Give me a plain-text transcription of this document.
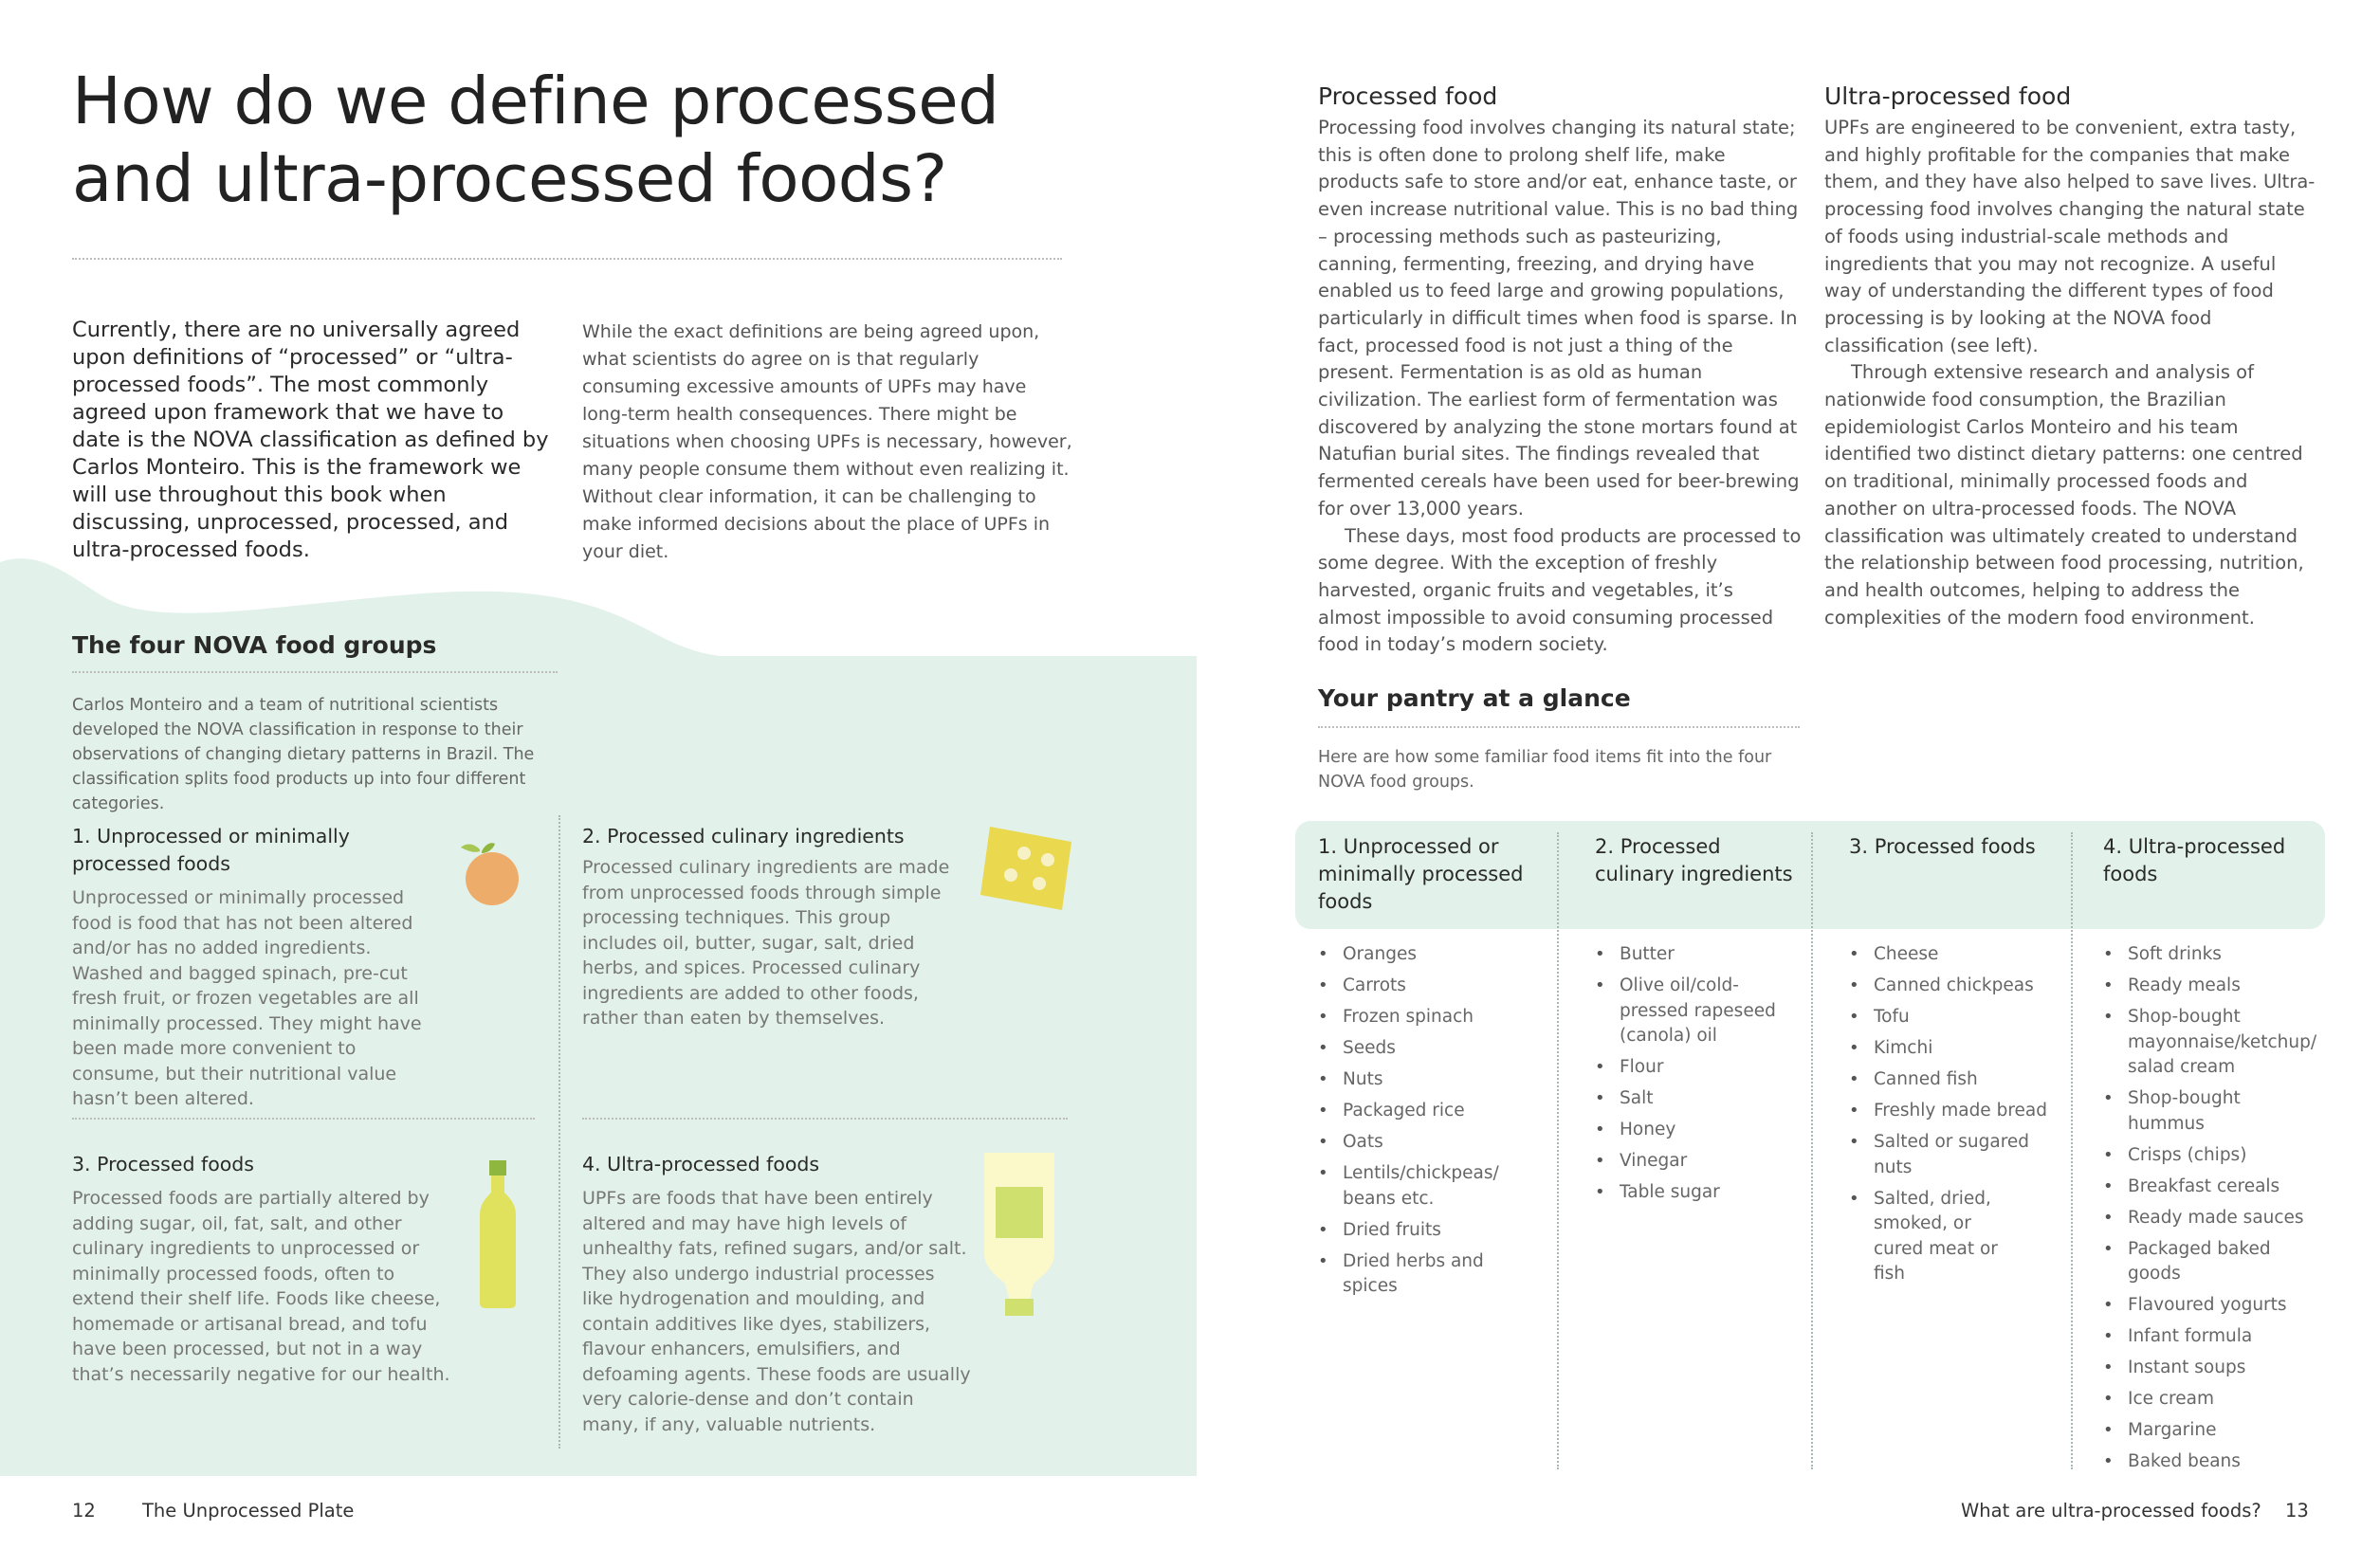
How do we define processed and ultra-processed foods?
Currently, there are no universally agreed upon definitions of “processed” or “ultra-processed foods”. The most commonly agreed upon framework that we have to date is the NOVA classification as defined by Carlos Monteiro. This is the framework we will use throughout this book when discussing, unprocessed, processed, and ultra-processed foods.
While the exact definitions are being agreed upon, what scientists do agree on is that regularly consuming excessive amounts of UPFs may have long-term health consequences. There might be situations when choosing UPFs is necessary, however, many people consume them without even realizing it. Without clear information, it can be challenging to make informed decisions about the place of UPFs in your diet.
The four NOVA food groups
Carlos Monteiro and a team of nutritional scientists developed the NOVA classification in response to their observations of changing dietary patterns in Brazil. The classification splits food products up into four different categories.
1. Unprocessed or minimally processed foods
Unprocessed or minimally processed food is food that has not been altered and/or has no added ingredients. Washed and bagged spinach, pre-cut fresh fruit, or frozen vegetables are all minimally processed. They might have been made more convenient to consume, but their nutritional value hasn’t been altered.
2. Processed culinary ingredients
Processed culinary ingredients are made from unprocessed foods through simple processing techniques. This group includes oil, butter, sugar, salt, dried herbs, and spices. Processed culinary ingredients are added to other foods, rather than eaten by themselves.
3. Processed foods
Processed foods are partially altered by adding sugar, oil, fat, salt, and other culinary ingredients to unprocessed or minimally processed foods, often to extend their shelf life. Foods like cheese, homemade or artisanal bread, and tofu have been processed, but not in a way that’s necessarily negative for our health.
4. Ultra-processed foods
UPFs are foods that have been entirely altered and may have high levels of unhealthy fats, refined sugars, and/or salt. They also undergo industrial processes like hydrogenation and moulding, and contain additives like dyes, stabilizers, flavour enhancers, emulsifiers, and defoaming agents. These foods are usually very calorie-dense and don’t contain many, if any, valuable nutrients.
12	The Unprocessed Plate
Processed food

Processing food involves changing its natural state; this is often done to prolong shelf life, make products safe to store and/or eat, enhance taste, or even increase nutritional value. This is no bad thing – processing methods such as pasteurizing, canning, fermenting, freezing, and drying have enabled us to feed large and growing populations, particularly in difficult times when food is sparse. In fact, processed food is not just a thing of the present. Fermentation is as old as human civilization. The earliest form of fermentation was discovered by analyzing the stone mortars found at Natufian burial sites. The findings revealed that fermented cereals have been used for beer-brewing for over 13,000 years.

These days, most food products are processed to some degree. With the exception of freshly harvested, organic fruits and vegetables, it’s almost impossible to avoid consuming processed food in today’s modern society.

Ultra-processed food

UPFs are engineered to be convenient, extra tasty, and highly profitable for the companies that make them, and they have also helped to save lives. Ultra-processing food involves changing the natural state of foods using industrial-scale methods and ingredients that you may not recognize. A useful way of understanding the different types of food processing is by looking at the NOVA food classification (see left).

Through extensive research and analysis of nationwide food consumption, the Brazilian epidemiologist Carlos Monteiro and his team identified two distinct dietary patterns: one centred on traditional, minimally processed foods and another on ultra-processed foods. The NOVA classification was ultimately created to understand the relationship between food processing, nutrition, and health outcomes, helping to address the complexities of the modern food environment.

Your pantry at a glance
Here are how some familiar food items fit into the four NOVA food groups.
1. Unprocessed or minimally processed foods
• Oranges
• Carrots
• Frozen spinach
• Seeds
• Nuts
• Packaged rice
• Oats
• Lentils/chickpeas/ beans etc.
• Dried fruits
• Dried herbs and spices
2. Processed culinary ingredients
• Butter
• Olive oil/cold-pressed rapeseed (canola) oil
• Flour
• Salt
• Honey
• Vinegar
• Table sugar
3. Processed foods
• Cheese
• Canned chickpeas
• Tofu
• Kimchi
• Canned fish
• Freshly made bread
• Salted or sugared nuts
• Salted, dried, smoked, or cured meat or fish
4. Ultra-processed foods
• Soft drinks
• Ready meals
• Shop-bought mayonnaise/ketchup/ salad cream
• Shop-bought hummus
• Crisps (chips)
• Breakfast cereals
• Ready made sauces
• Packaged baked goods
• Flavoured yogurts
• Infant formula
• Instant soups
• Ice cream
• Margarine
• Baked beans
What are ultra-processed foods? 13
